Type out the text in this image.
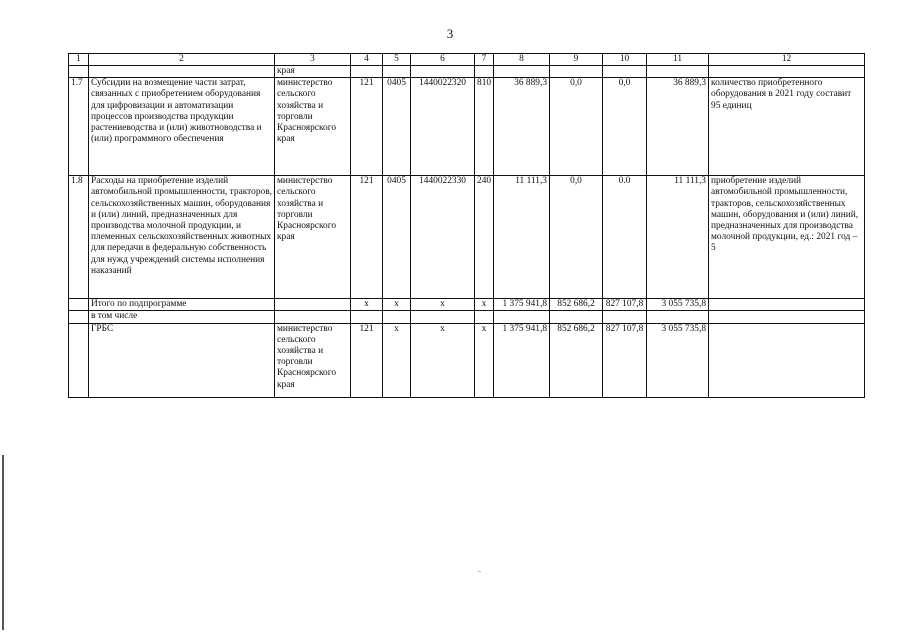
3
1	2	3	4	5	6	7	8	9	10	11	12
		края									
1.7	Субсидии на возмещение части затрат, связанных с приобретением оборудования для цифровизации и автоматизации процессов производства продукции растениеводства и (или) животноводства и (или) программного обеспечения	министерство сельского хозяйства и торговли Красноярского края	121	0405	1440022320	810	36 889,3	0,0	0,0	36 889,3	количество приобретенного оборудования в 2021 году составит 95 единиц
1.8	Расходы на приобретение изделий автомобильной промышленности, тракторов, сельскохозяйственных машин, оборудования и (или) линий, предназначенных для производства молочной продукции, и племенных сельскохозяйственных животных для передачи в федеральную собственность для нужд учреждений системы исполнения наказаний	министерство сельского хозяйства и торговли Красноярского края	121	0405	1440022330	240	11 111,3	0,0	0.0	11 111,3	приобретение изделий автомобильной промышленности, тракторов, сельскохозяйственных машин, оборудования и (или) линий, предназначенных для производства молочной продукции, ед.: 2021 год – 5
	Итого по подпрограмме		x	x	x	x	1 375 941,8	852 686,2	827 107,8	3 055 735,8	
	в том числе										
	ГРБС	министерство сельского хозяйства и торговли Красноярского края	121	x	x	x	1 375 941,8	852 686,2	827 107,8	3 055 735,8	
